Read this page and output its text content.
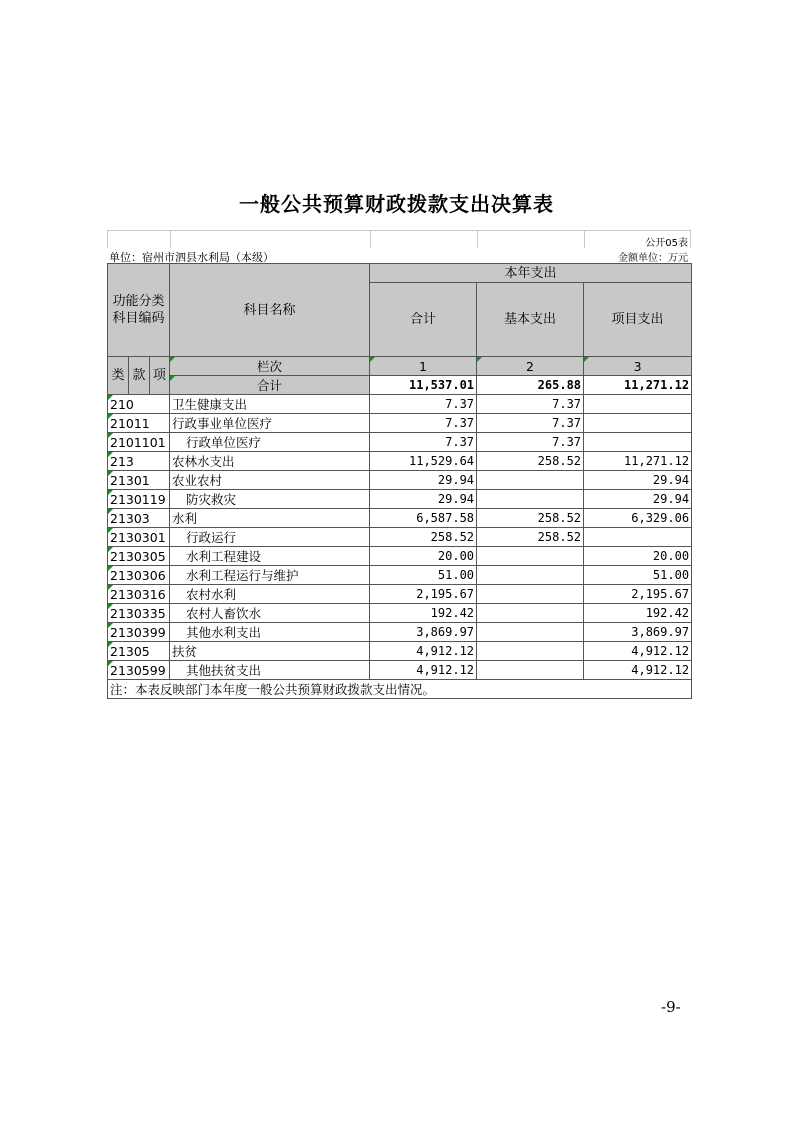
一般公共预算财政拨款支出决算表
公开05表
单位：宿州市泗县水利局（本级）	金额单位：万元
功能分类科目编码			科目名称	本年支出		
				合计	基本支出	项目支出

类	款	项	栏次	1	2	3
			合计	11,537.01	265.88	11,271.12
210			卫生健康支出	7.37	7.37	
21011			行政事业单位医疗	7.37	7.37	
2101101			行政单位医疗	7.37	7.37	
213			农林水支出	11,529.64	258.52	11,271.12
21301			农业农村	29.94		29.94
2130119			防灾救灾	29.94		29.94
21303			水利	6,587.58	258.52	6,329.06
2130301			行政运行	258.52	258.52	
2130305			水利工程建设	20.00		20.00
2130306			水利工程运行与维护	51.00		51.00
2130316			农村水利	2,195.67		2,195.67
2130335			农村人畜饮水	192.42		192.42
2130399			其他水利支出	3,869.97		3,869.97
21305			扶贫	4,912.12		4,912.12
2130599			其他扶贫支出	4,912.12		4,912.12
注：本表反映部门本年度一般公共预算财政拨款支出情况。						
-9-
